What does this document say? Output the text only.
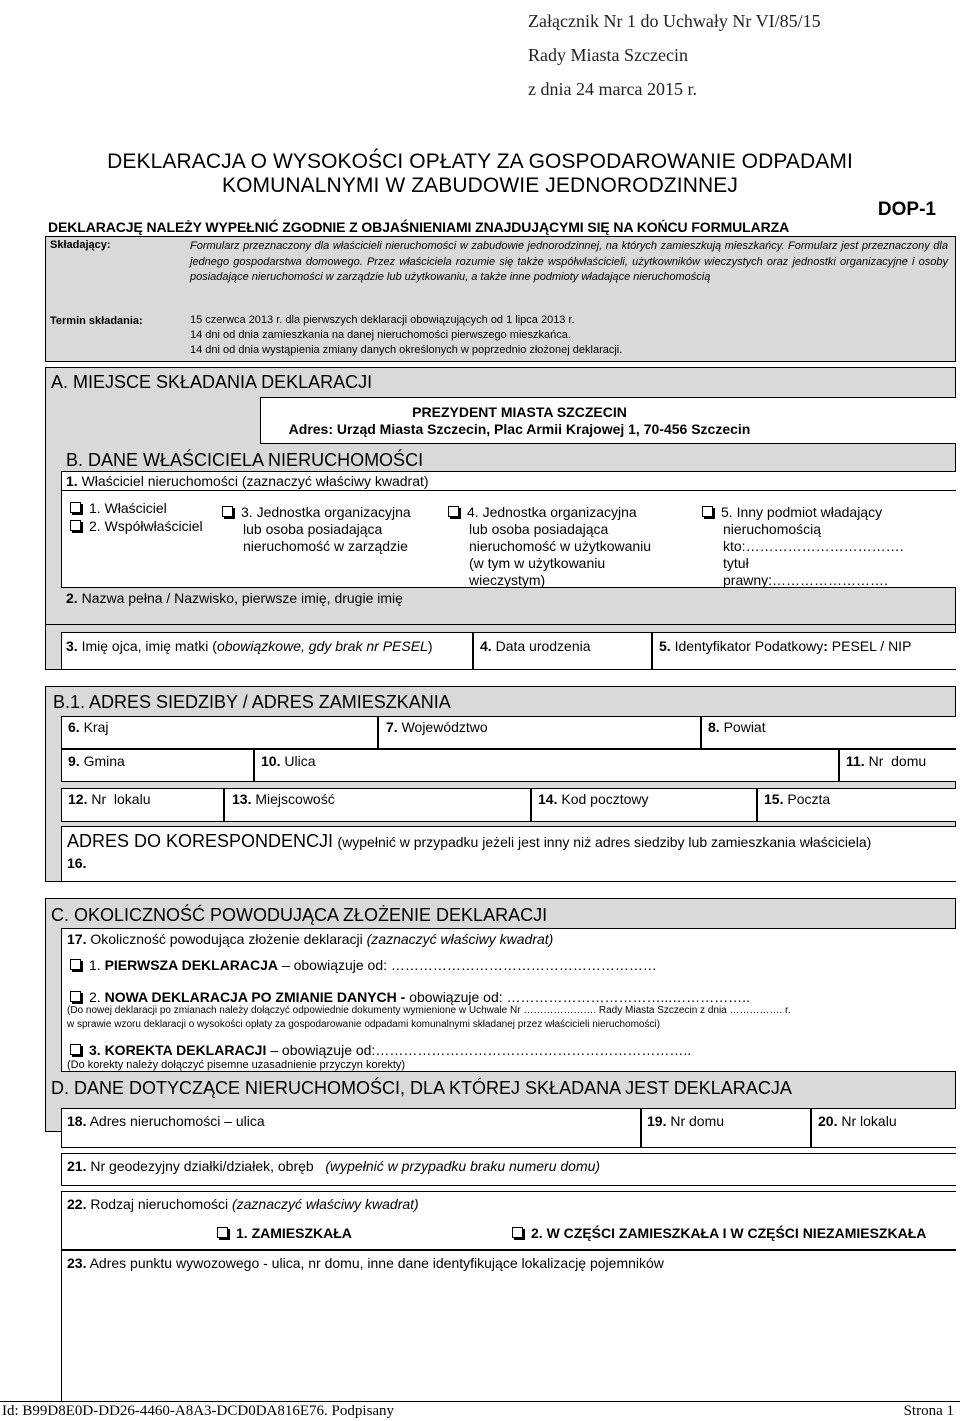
Załącznik Nr 1 do Uchwały Nr VI/85/15
Rady Miasta Szczecin
z dnia 24 marca 2015 r.
DEKLARACJA O WYSOKOŚCI OPŁATY ZA GOSPODAROWANIE ODPADAMI
KOMUNALNYMI W ZABUDOWIE JEDNORODZINNEJ
DOP-1
DEKLARACJĘ NALEŻY WYPEŁNIĆ ZGODNIE Z OBJAŚNIENIAMI ZNAJDUJĄCYMI SIĘ NA KOŃCU FORMULARZA
Składający:	Formularz przeznaczony dla właścicieli nieruchomości w zabudowie jednorodzinnej, na których zamieszkują mieszkańcy. Formularz jest przeznaczony dla jednego gospodarstwa domowego. Przez właściciela rozumie się także współwłaścicieli, użytkowników wieczystych oraz jednostki organizacyjne i osoby posiadające nieruchomości w zarządzie lub użytkowaniu, a także inne podmioty władające nieruchomością
Termin składania:	15 czerwca 2013 r. dla pierwszych deklaracji obowiązujących od 1 lipca 2013 r.
14 dni od dnia zamieszkania na danej nieruchomości pierwszego mieszkańca.
14 dni od dnia wystąpienia zmiany danych określonych w poprzednio złożonej deklaracji.
A. MIEJSCE SKŁADANIA DEKLARACJI
PREZYDENT MIASTA SZCZECIN
Adres: Urząd Miasta Szczecin, Plac Armii Krajowej 1, 70-456 Szczecin
B. DANE WŁAŚCICIELA NIERUCHOMOŚCI
1. Właściciel nieruchomości (zaznaczyć właściwy kwadrat)
1. Właściciel
2. Współwłaściciel
3. Jednostka organizacyjna
lub osoba posiadająca
nieruchomość w zarządzie
4. Jednostka organizacyjna
lub osoba posiadająca
nieruchomość w użytkowaniu
(w tym w użytkowaniu
wieczystym)
5. Inny podmiot władający
nieruchomością
kto:…………………………….
tytuł
prawny:…………………….
2. Nazwa pełna / Nazwisko, pierwsze imię, drugie imię
3. Imię ojca, imię matki (obowiązkowe, gdy brak nr PESEL)	4. Data urodzenia	5. Identyfikator Podatkowy: PESEL / NIP
B.1. ADRES SIEDZIBY / ADRES ZAMIESZKANIA
6. Kraj	7. Województwo	8. Powiat
9. Gmina	10. Ulica	11. Nr  domu
12. Nr  lokalu	13. Miejscowość	14. Kod pocztowy	15. Poczta
ADRES DO KORESPONDENCJI (wypełnić w przypadku jeżeli jest inny niż adres siedziby lub zamieszkania właściciela)
16.
C. OKOLICZNOŚĆ POWODUJĄCA ZŁOŻENIE DEKLARACJI
17. Okoliczność powodująca złożenie deklaracji (zaznaczyć właściwy kwadrat)
1. PIERWSZA DEKLARACJA – obowiązuje od: …………………………………………………
2. NOWA DEKLARACJA PO ZMIANIE DANYCH - obowiązuje od: ……………………………...……………..
(Do nowej deklaracji po zmianach należy dołączyć odpowiednie dokumenty wymienione w Uchwale Nr …………………. Rady Miasta Szczecin z dnia ……………. r.
w sprawie wzoru deklaracji o wysokości opłaty za gospodarowanie odpadami komunalnymi składanej przez właścicieli nieruchomości)
3. KOREKTA DEKLARACJI – obowiązuje od:…………………………………………………………..
(Do korekty należy dołączyć pisemne uzasadnienie przyczyn korekty)
D. DANE DOTYCZĄCE NIERUCHOMOŚCI, DLA KTÓREJ SKŁADANA JEST DEKLARACJA
18. Adres nieruchomości – ulica	19. Nr domu	20. Nr lokalu
21. Nr geodezyjny działki/działek, obręb (wypełnić w przypadku braku numeru domu)
22. Rodzaj nieruchomości (zaznaczyć właściwy kwadrat)
1. ZAMIESZKAŁA	2. W CZĘŚCI ZAMIESZKAŁA I W CZĘŚCI NIEZAMIESZKAŁA
23. Adres punktu wywozowego - ulica, nr domu, inne dane identyfikujące lokalizację pojemników
Id: B99D8E0D-DD26-4460-A8A3-DCD0DA816E76. Podpisany	Strona 1
